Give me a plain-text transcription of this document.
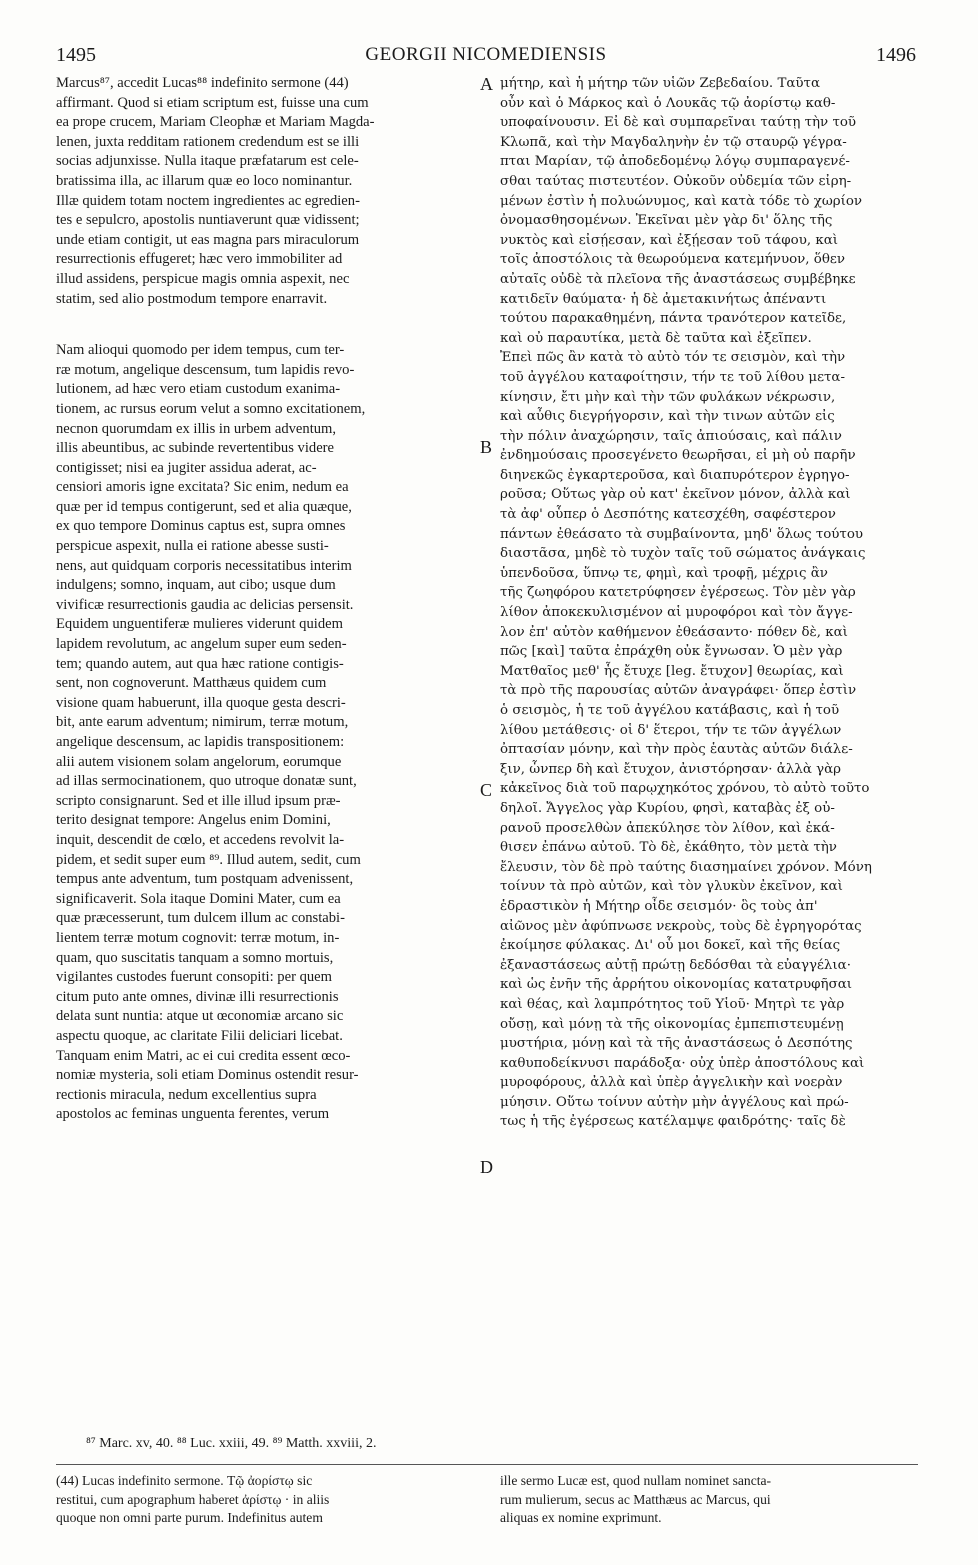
1495	GEORGII NICOMEDIENSIS	1496

Marcus⁸⁷, accedit Lucas⁸⁸ indefinito sermone (44)
affirmant. Quod si etiam scriptum est, fuisse una cum
ea prope crucem, Mariam Cleophæ et Mariam Magda-
lenen, juxta redditam rationem credendum est se illi
socias adjunxisse. Nulla itaque præfatarum est cele-
bratissima illa, ac illarum quæ eo loco nominantur.
Illæ quidem totam noctem ingredientes ac egredien-
tes e sepulcro, apostolis nuntiaverunt quæ vidissent;
unde etiam contigit, ut eas magna pars miraculorum
resurrectionis effugeret; hæc vero immobiliter ad
illud assidens, perspicue magis omnia aspexit, nec
statim, sed alio postmodum tempore enarravit.

Nam alioqui quomodo per idem tempus, cum ter-
ræ motum, angelique descensum, tum lapidis revo-
lutionem, ad hæc vero etiam custodum exanima-
tionem, ac rursus eorum velut a somno excitationem,
necnon quorumdam ex illis in urbem adventum,
illis abeuntibus, ac subinde revertentibus videre
contigisset; nisi ea jugiter assidua aderat, ac-
censiori amoris igne excitata? Sic enim, nedum ea
quæ per id tempus contigerunt, sed et alia quæque,
ex quo tempore Dominus captus est, supra omnes
perspicue aspexit, nulla ei ratione abesse susti-
nens, aut quidquam corporis necessitatibus interim
indulgens; somno, inquam, aut cibo; usque dum
vivificæ resurrectionis gaudia ac delicias persensit.
Equidem unguentiferæ mulieres viderunt quidem
lapidem revolutum, ac angelum super eum seden-
tem; quando autem, aut qua hæc ratione contigis-
sent, non cognoverunt. Matthæus quidem cum
visione quam habuerunt, illa quoque gesta descri-
bit, ante earum adventum; nimirum, terræ motum,
angelique descensum, ac lapidis transpositionem:
alii autem visionem solam angelorum, eorumque
ad illas sermocinationem, quo utroque donatæ sunt,
scripto consignarunt. Sed et ille illud ipsum præ-
terito designat tempore: Angelus enim Domini,
inquit, descendit de cœlo, et accedens revolvit la-
pidem, et sedit super eum ⁸⁹. Illud autem, sedit, cum
tempus ante adventum, tum postquam advenissent,
significaverit. Sola itaque Domini Mater, cum ea
quæ præcesserunt, tum dulcem illum ac constabi-
lientem terræ motum cognovit: terræ motum, in-
quam, quo suscitatis tanquam a somno mortuis,
vigilantes custodes fuerunt consopiti: per quem
citum puto ante omnes, divinæ illi resurrectionis
delata sunt nuntia: atque ut œconomiæ arcano sic
aspectu quoque, ac claritate Filii deliciari licebat.
Tanquam enim Matri, ac ei cui credita essent œco-
nomiæ mysteria, soli etiam Dominus ostendit resur-
rectionis miracula, nedum excellentius supra
apostolos ac feminas unguenta ferentes, verum

μήτηρ, καὶ ἡ μήτηρ τῶν υἱῶν Ζεβεδαίου. Ταῦτα
οὖν καὶ ὁ Μάρκος καὶ ὁ Λουκᾶς τῷ ἀορίστῳ καθ-
υποφαίνουσιν. Εἰ δὲ καὶ συμπαρεῖναι ταύτῃ τὴν τοῦ
Κλωπᾶ, καὶ τὴν Μαγδαληνὴν ἐν τῷ σταυρῷ γέγρα-
πται Μαρίαν, τῷ ἀποδεδομένῳ λόγῳ συμπαραγενέ-
σθαι ταύτας πιστευτέον. Οὐκοῦν οὐδεμία τῶν εἰρη-
μένων ἐστὶν ἡ πολυώνυμος, καὶ κατὰ τόδε τὸ χωρίον
ὀνομασθησομένων. Ἐκεῖναι μὲν γὰρ δι' ὅλης τῆς
νυκτὸς καὶ εἰσῄεσαν, καὶ ἐξῄεσαν τοῦ τάφου, καὶ
τοῖς ἀποστόλοις τὰ θεωρούμενα κατεμήνυον, ὅθεν
αὐταῖς οὐδὲ τὰ πλεῖονα τῆς ἀναστάσεως συμβέβηκε
κατιδεῖν θαύματα· ἡ δὲ ἀμετακινήτως ἀπέναντι
τούτου παρακαθημένη, πάντα τρανότερον κατεῖδε,
καὶ οὐ παραυτίκα, μετὰ δὲ ταῦτα καὶ ἐξεῖπεν.

Ἐπεὶ πῶς ἂν κατὰ τὸ αὐτὸ τόν τε σεισμὸν, καὶ τὴν
τοῦ ἀγγέλου καταφοίτησιν, τήν τε τοῦ λίθου μετα-
κίνησιν, ἔτι μὴν καὶ τὴν τῶν φυλάκων νέκρωσιν,
καὶ αὖθις διεγρήγορσιν, καὶ τὴν τινων αὐτῶν εἰς
τὴν πόλιν ἀναχώρησιν, ταῖς ἀπιούσαις, καὶ πάλιν
ἐνδημούσαις προσεγένετο θεωρῆσαι, εἰ μὴ οὐ παρῆν
διηνεκῶς ἐγκαρτεροῦσα, καὶ διαπυρότερον ἐγρηγο-
ροῦσα; Οὕτως γὰρ οὐ κατ' ἐκεῖνον μόνον, ἀλλὰ καὶ
τὰ ἀφ' οὗπερ ὁ Δεσπότης κατεσχέθη, σαφέστερον
πάντων ἐθεάσατο τὰ συμβαίνοντα, μηδ' ὅλως τούτου
διαστᾶσα, μηδὲ τὸ τυχὸν ταῖς τοῦ σώματος ἀνάγκαις
ὑπενδοῦσα, ὕπνῳ τε, φημὶ, καὶ τροφῇ, μέχρις ἂν
τῆς ζωηφόρου κατετρύφησεν ἐγέρσεως. Τὸν μὲν γὰρ
λίθον ἀποκεκυλισμένον αἱ μυροφόροι καὶ τὸν ἄγγε-
λον ἐπ' αὐτὸν καθήμενον ἐθεάσαντο· πόθεν δὲ, καὶ
πῶς [καὶ] ταῦτα ἐπράχθη οὐκ ἔγνωσαν. Ὁ μὲν γὰρ
Ματθαῖος μεθ' ἧς ἔτυχε [leg. ἔτυχον] θεωρίας, καὶ
τὰ πρὸ τῆς παρουσίας αὐτῶν ἀναγράφει· ὅπερ ἐστὶν
ὁ σεισμὸς, ἡ τε τοῦ ἀγγέλου κατάβασις, καὶ ἡ τοῦ
λίθου μετάθεσις· οἱ δ' ἕτεροι, τήν τε τῶν ἀγγέλων
ὀπτασίαν μόνην, καὶ τὴν πρὸς ἑαυτὰς αὐτῶν διάλε-
ξιν, ὧνπερ δὴ καὶ ἔτυχον, ἀνιστόρησαν· ἀλλὰ γὰρ
κἀκεῖνος διὰ τοῦ παρῳχηκότος χρόνου, τὸ αὐτὸ τοῦτο
δηλοῖ. Ἄγγελος γὰρ Κυρίου, φησὶ, καταβὰς ἐξ οὐ-
ρανοῦ προσελθὼν ἀπεκύλησε τὸν λίθον, καὶ ἐκά-
θισεν ἐπάνω αὐτοῦ. Τὸ δὲ, ἐκάθητο, τὸν μετὰ τὴν
ἔλευσιν, τὸν δὲ πρὸ ταύτης διασημαίνει χρόνον. Μόνη
τοίνυν τὰ πρὸ αὐτῶν, καὶ τὸν γλυκὺν ἐκεῖνον, καὶ
ἑδραστικὸν ἡ Μήτηρ οἶδε σεισμόν· ὃς τοὺς ἀπ'
αἰῶνος μὲν ἀφύπνωσε νεκροὺς, τοὺς δὲ ἐγρηγορότας
ἐκοίμησε φύλακας. Δι' οὗ μοι δοκεῖ, καὶ τῆς θείας
ἐξαναστάσεως αὐτῇ πρώτῃ δεδόσθαι τὰ εὐαγγέλια·
καὶ ὡς ἐνῆν τῆς ἀρρήτου οἰκονομίας κατατρυφῆσαι
καὶ θέας, καὶ λαμπρότητος τοῦ Υἱοῦ· Μητρὶ τε γὰρ
οὔσῃ, καὶ μόνῃ τὰ τῆς οἰκονομίας ἐμπεπιστευμένῃ
μυστήρια, μόνῃ καὶ τὰ τῆς ἀναστάσεως ὁ Δεσπότης
καθυποδείκνυσι παράδοξα· οὐχ ὑπὲρ ἀποστόλους καὶ
μυροφόρους, ἀλλὰ καὶ ὑπὲρ ἀγγελικὴν καὶ νοερὰν
μύησιν. Οὕτω τοίνυν αὐτὴν μὴν ἀγγέλους καὶ πρώ-
τως ἡ τῆς ἐγέρσεως κατέλαμψε φαιδρότης· ταῖς δὲ

A
B
C
D
⁸⁷ Marc. xv, 40. ⁸⁸ Luc. xxiii, 49. ⁸⁹ Matth. xxviii, 2.

(44) Lucas indefinito sermone. Τῷ ἀορίστῳ sic
restitui, cum apographum haberet ἀρίστῳ · in aliis
quoque non omni parte purum. Indefinitus autem

ille sermo Lucæ est, quod nullam nominet sancta-
rum mulierum, secus ac Matthæus ac Marcus, qui
aliquas ex nomine exprimunt.
